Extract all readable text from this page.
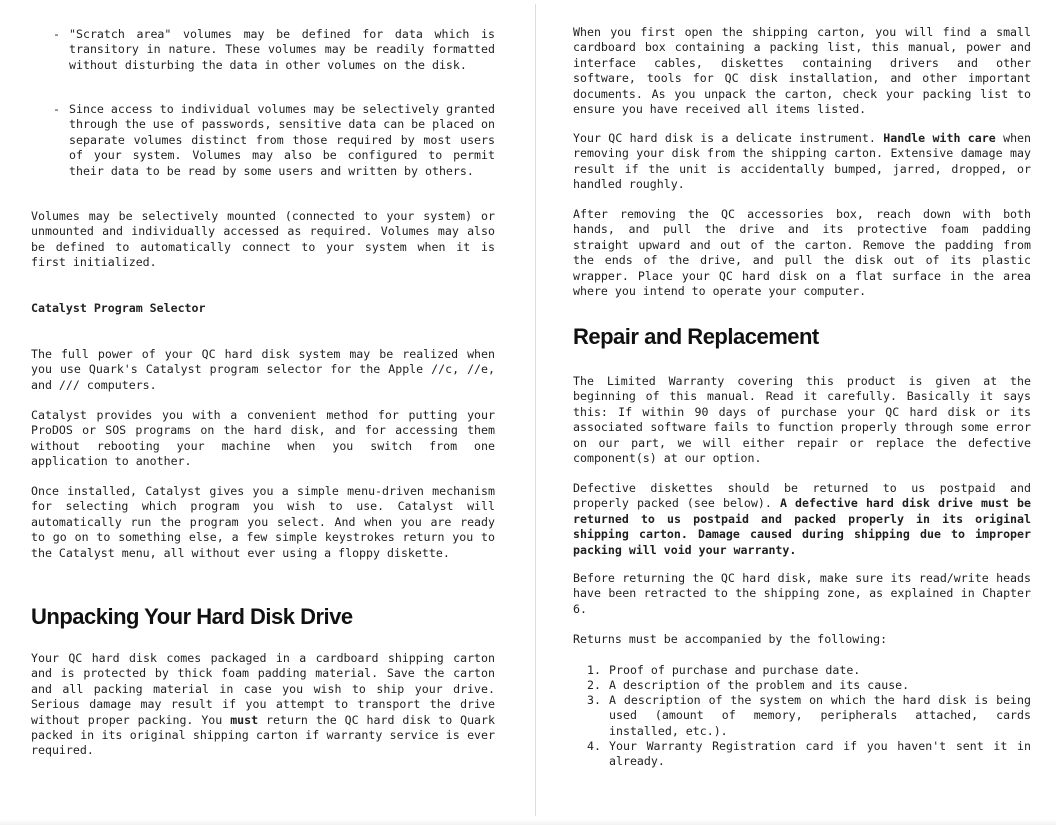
- "Scratch area" volumes may be defined for data which is transitory in nature. These volumes may be readily formatted without disturbing the data in other volumes on the disk.

- Since access to individual volumes may be selectively granted through the use of passwords, sensitive data can be placed on separate volumes distinct from those required by most users of your system. Volumes may also be configured to permit their data to be read by some users and written by others.

Volumes may be selectively mounted (connected to your system) or unmounted and individually accessed as required. Volumes may also be defined to automatically connect to your system when it is first initialized.

Catalyst Program Selector

The full power of your QC hard disk system may be realized when you use Quark's Catalyst program selector for the Apple //c, //e, and /// computers.

Catalyst provides you with a convenient method for putting your ProDOS or SOS programs on the hard disk, and for accessing them without rebooting your machine when you switch from one application to another.

Once installed, Catalyst gives you a simple menu-driven mechanism for selecting which program you wish to use. Catalyst will automatically run the program you select. And when you are ready to go on to something else, a few simple keystrokes return you to the Catalyst menu, all without ever using a floppy diskette.

Unpacking Your Hard Disk Drive

Your QC hard disk comes packaged in a cardboard shipping carton and is protected by thick foam padding material. Save the carton and all packing material in case you wish to ship your drive. Serious damage may result if you attempt to transport the drive without proper packing. You must return the QC hard disk to Quark packed in its original shipping carton if warranty service is ever required.

When you first open the shipping carton, you will find a small cardboard box containing a packing list, this manual, power and interface cables, diskettes containing drivers and other software, tools for QC disk installation, and other important documents. As you unpack the carton, check your packing list to ensure you have received all items listed.

Your QC hard disk is a delicate instrument. Handle with care when removing your disk from the shipping carton. Extensive damage may result if the unit is accidentally bumped, jarred, dropped, or handled roughly.

After removing the QC accessories box, reach down with both hands, and pull the drive and its protective foam padding straight upward and out of the carton. Remove the padding from the ends of the drive, and pull the disk out of its plastic wrapper. Place your QC hard disk on a flat surface in the area where you intend to operate your computer.

Repair and Replacement

The Limited Warranty covering this product is given at the beginning of this manual. Read it carefully. Basically it says this: If within 90 days of purchase your QC hard disk or its associated software fails to function properly through some error on our part, we will either repair or replace the defective component(s) at our option.

Defective diskettes should be returned to us postpaid and properly packed (see below). A defective hard disk drive must be returned to us postpaid and packed properly in its original shipping carton. Damage caused during shipping due to improper packing will void your warranty.

Before returning the QC hard disk, make sure its read/write heads have been retracted to the shipping zone, as explained in Chapter 6.

Returns must be accompanied by the following:

1. Proof of purchase and purchase date.

2. A description of the problem and its cause.

3. A description of the system on which the hard disk is being used (amount of memory, peripherals attached, cards installed, etc.).

4. Your Warranty Registration card if you haven't sent it in already.
